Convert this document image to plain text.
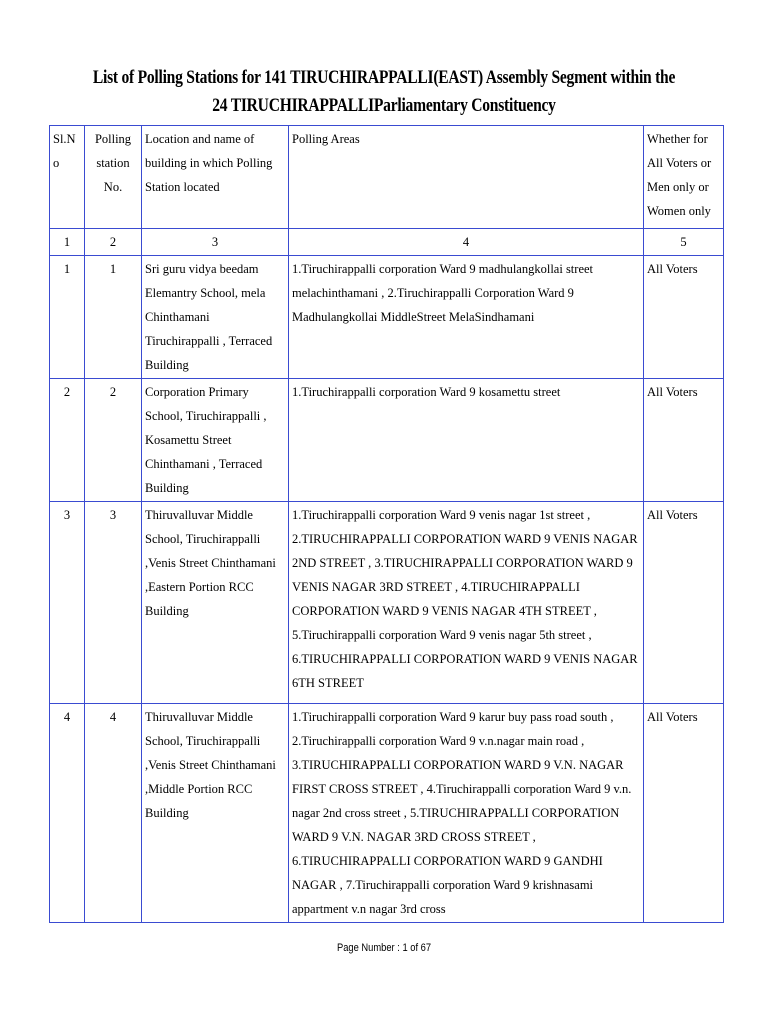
List of Polling Stations for 141 TIRUCHIRAPPALLI(EAST) Assembly Segment within the
24 TIRUCHIRAPPALLIParliamentary Constituency
Sl.No	Polling station No.	Location and name of building in which Polling Station located	Polling Areas	Whether for All Voters or Men only or Women only
1	2	3	4	5
1	1	Sri guru vidya beedam Elemantry School, mela Chinthamani Tiruchirappalli , Terraced Building	1.Tiruchirappalli corporation Ward 9 madhulangkollai street melachinthamani , 2.Tiruchirappalli Corporation Ward 9 Madhulangkollai MiddleStreet MelaSindhamani	All Voters
2	2	Corporation Primary School, Tiruchirappalli , Kosamettu Street Chinthamani , Terraced Building	1.Tiruchirappalli corporation Ward 9 kosamettu street	All Voters
3	3	Thiruvalluvar Middle School, Tiruchirappalli ,Venis Street Chinthamani ,Eastern Portion RCC Building	1.Tiruchirappalli corporation Ward 9 venis nagar 1st street , 2.TIRUCHIRAPPALLI CORPORATION WARD 9 VENIS NAGAR 2ND STREET , 3.TIRUCHIRAPPALLI CORPORATION WARD 9 VENIS NAGAR 3RD STREET , 4.TIRUCHIRAPPALLI CORPORATION WARD 9 VENIS NAGAR 4TH STREET , 5.Tiruchirappalli corporation Ward 9 venis nagar 5th street , 6.TIRUCHIRAPPALLI CORPORATION WARD 9 VENIS NAGAR 6TH STREET	All Voters
4	4	Thiruvalluvar Middle School, Tiruchirappalli ,Venis Street Chinthamani ,Middle Portion RCC Building	1.Tiruchirappalli corporation Ward 9 karur buy pass road south , 2.Tiruchirappalli corporation Ward 9 v.n.nagar main road , 3.TIRUCHIRAPPALLI CORPORATION WARD 9 V.N. NAGAR FIRST CROSS STREET , 4.Tiruchirappalli corporation Ward 9 v.n. nagar 2nd cross street , 5.TIRUCHIRAPPALLI CORPORATION WARD 9 V.N. NAGAR 3RD CROSS STREET , 6.TIRUCHIRAPPALLI CORPORATION WARD 9 GANDHI NAGAR , 7.Tiruchirappalli corporation Ward 9 krishnasami appartment v.n nagar 3rd cross	All Voters
Page Number : 1 of 67
